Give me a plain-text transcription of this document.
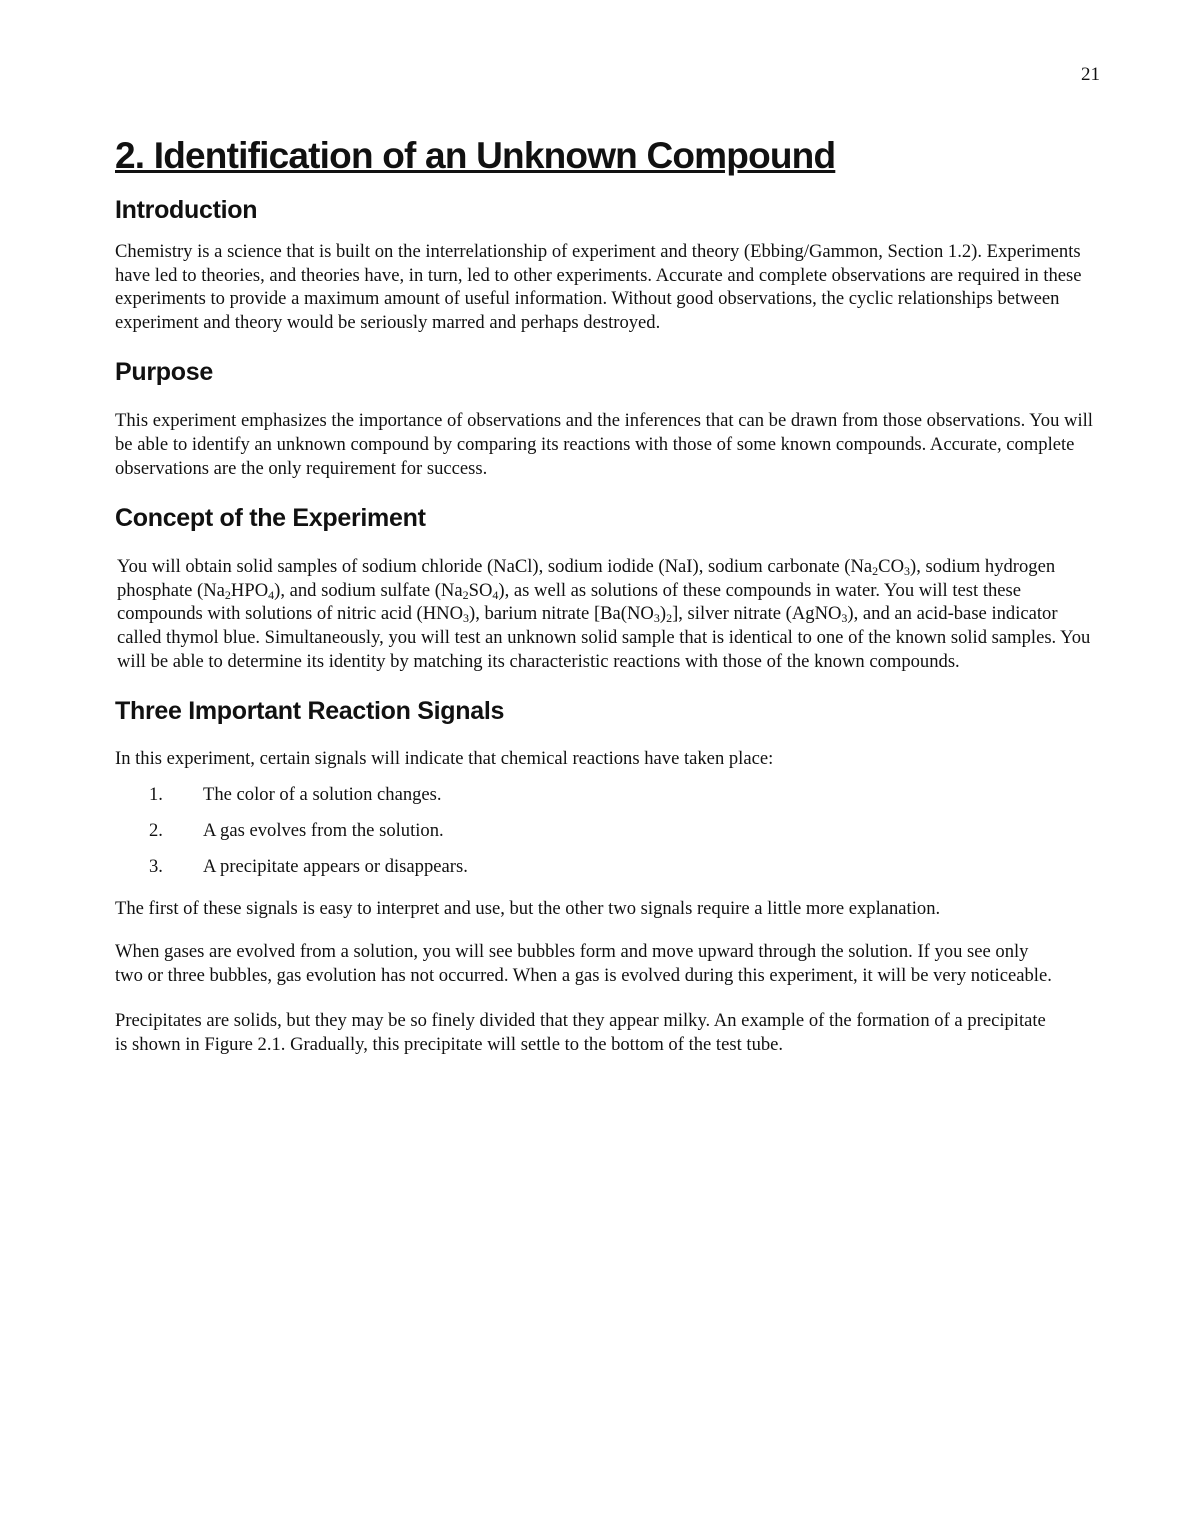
21
2. Identification of an Unknown Compound
Introduction

Chemistry is a science that is built on the interrelationship of experiment and theory (Ebbing/Gammon, Section 1.2). Experiments have led to theories, and theories have, in turn, led to other experiments. Accurate and complete observations are required in these experiments to provide a maximum amount of useful information. Without good observations, the cyclic relationships between experiment and theory would be seriously marred and perhaps destroyed.

Purpose

This experiment emphasizes the importance of observations and the inferences that can be drawn from those observations. You will be able to identify an unknown compound by comparing its reactions with those of some known compounds. Accurate, complete observations are the only requirement for success.

Concept of the Experiment

You will obtain solid samples of sodium chloride (NaCl), sodium iodide (NaI), sodium carbonate $(Na_2CO_3)$, sodium hydrogen phosphate $(Na_2HPO_4)$, and sodium sulfate $(Na_2SO_4)$, as well as solutions of these compounds in water. You will test these compounds with solutions of nitric acid $(HNO_3)$, barium nitrate $[Ba(NO_3)_2]$, silver nitrate (AgNO$_3$), and an acid-base indicator called thymol blue. Simultaneously, you will test an unknown solid sample that is identical to one of the known solid samples. You will be able to determine its identity by matching its characteristic reactions with those of the known compounds.

Three Important Reaction Signals

In this experiment, certain signals will indicate that chemical reactions have taken place:

1.	The color of a solution changes.
2.	A gas evolves from the solution.
3.	A precipitate appears or disappears.

The first of these signals is easy to interpret and use, but the other two signals require a little more explanation.

When gases are evolved from a solution, you will see bubbles form and move upward through the solution. If you see only two or three bubbles, gas evolution has not occurred. When a gas is evolved during this experiment, it will be very noticeable.

Precipitates are solids, but they may be so finely divided that they appear milky. An example of the formation of a precipitate is shown in Figure 2.1. Gradually, this precipitate will settle to the bottom of the test tube.
